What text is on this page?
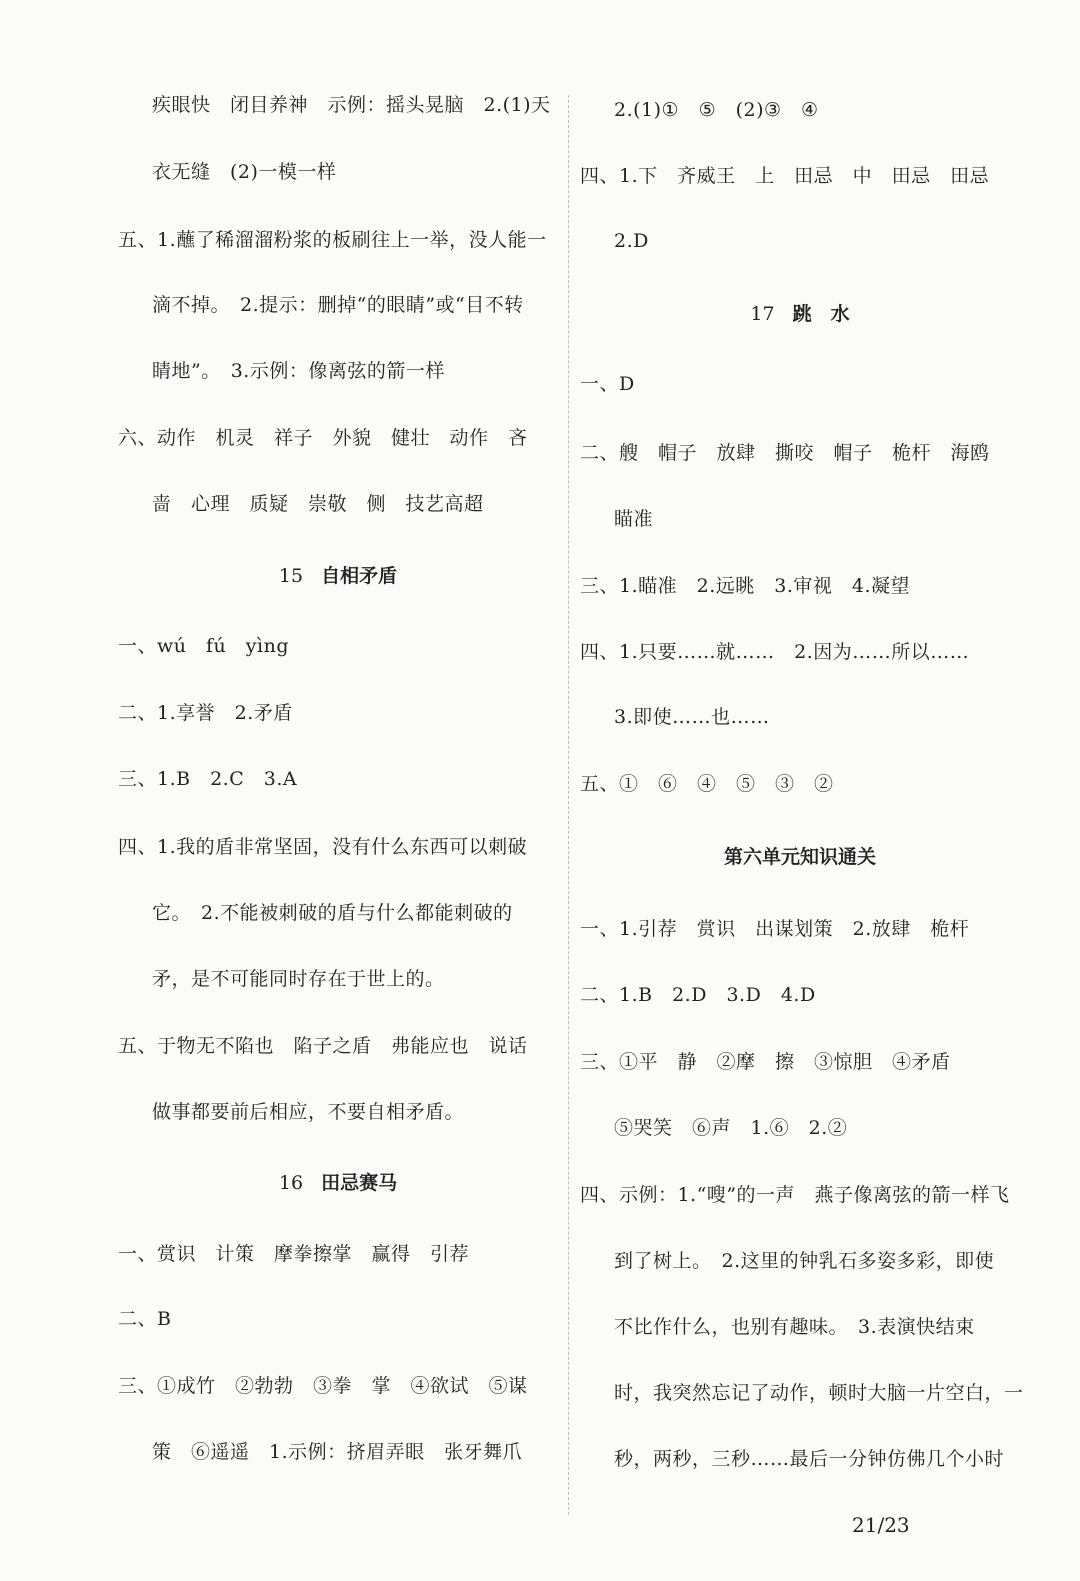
疾眼快　闭目养神　示例：摇头晃脑　2.(1)天
衣无缝　(2)一模一样
五、1.蘸了稀溜溜粉浆的板刷往上一举，没人能一
滴不掉。　2.提示：删掉“的眼睛”或“目不转
睛地”。　3.示例：像离弦的箭一样
六、动作　机灵　祥子　外貌　健壮　动作　吝
啬　心理　质疑　崇敬　侧　技艺高超
15 自相矛盾
一、wú　fú　yìng
二、1.享誉　2.矛盾
三、1.B　2.C　3.A
四、1.我的盾非常坚固，没有什么东西可以刺破
它。　2.不能被刺破的盾与什么都能刺破的
矛，是不可能同时存在于世上的。
五、于物无不陷也　陷子之盾　弗能应也　说话
做事都要前后相应，不要自相矛盾。
16 田忌赛马
一、赏识　计策　摩拳擦掌　赢得　引荐
二、B
三、①成竹　②勃勃　③拳　掌　④欲试　⑤谋
策　⑥遥遥　1.示例：挤眉弄眼　张牙舞爪
2.(1)①　⑤　(2)③　④
四、1.下　齐威王　上　田忌　中　田忌　田忌
2.D
17 跳　水
一、D
二、艘　帽子　放肆　撕咬　帽子　桅杆　海鸥
瞄准
三、1.瞄准　2.远眺　3.审视　4.凝望
四、1.只要……就……　2.因为……所以……
3.即使……也……
五、①　⑥　④　⑤　③　②
第六单元知识通关
一、1.引荐　赏识　出谋划策　2.放肆　桅杆
二、1.B　2.D　3.D　4.D
三、①平　静　②摩　擦　③惊胆　④矛盾
⑤哭笑　⑥声　1.⑥　2.②
四、示例：1.“嗖”的一声　燕子像离弦的箭一样飞
到了树上。　2.这里的钟乳石多姿多彩，即使
不比作什么，也别有趣味。　3.表演快结束
时，我突然忘记了动作，顿时大脑一片空白，一
秒，两秒，三秒……最后一分钟仿佛几个小时
21/23
